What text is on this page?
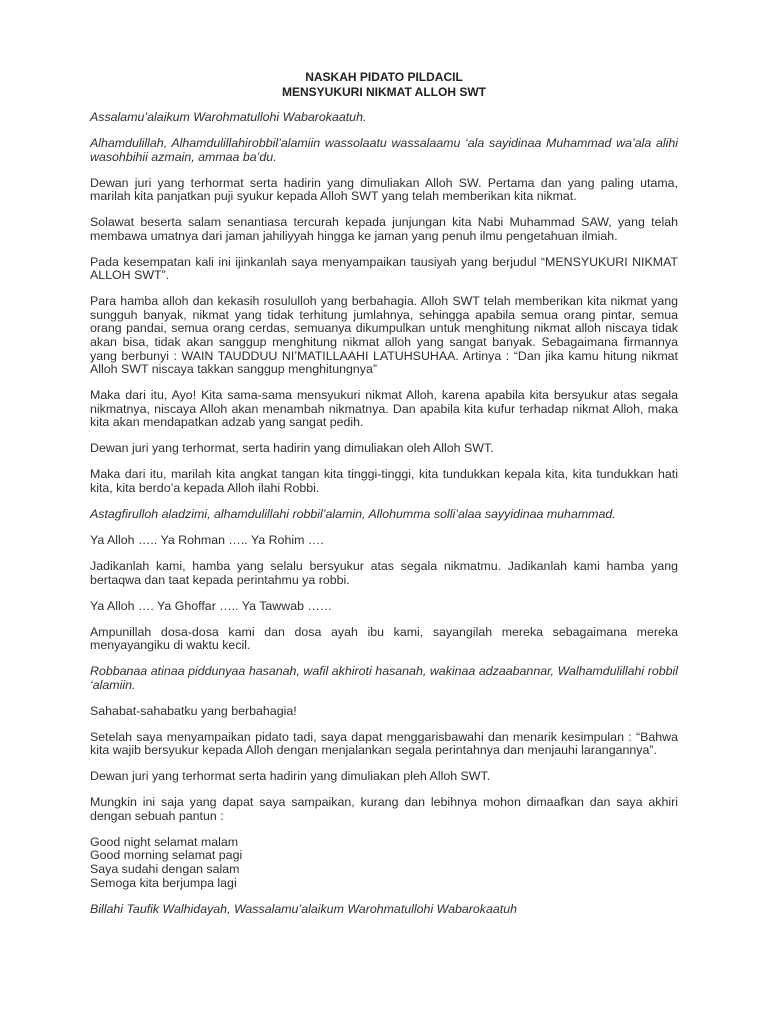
NASKAH PIDATO PILDACIL
MENSYUKURI NIKMAT ALLOH SWT

Assalamu’alaikum Warohmatullohi Wabarokaatuh.

Alhamdulillah, Alhamdulillahirobbil’alamiin wassolaatu wassalaamu ‘ala sayidinaa Muhammad wa’ala alihi wasohbihii azmain, ammaa ba’du.

Dewan juri yang terhormat serta hadirin yang dimuliakan Alloh SW. Pertama dan yang paling utama, marilah kita panjatkan puji syukur kepada Alloh SWT yang telah memberikan kita nikmat.

Solawat beserta salam senantiasa tercurah kepada junjungan kita Nabi Muhammad SAW, yang telah membawa umatnya dari jaman jahiliyyah hingga ke jaman yang penuh ilmu pengetahuan ilmiah.

Pada kesempatan kali ini ijinkanlah saya menyampaikan tausiyah yang berjudul “MENSYUKURI NIKMAT ALLOH SWT”.

Para hamba alloh dan kekasih rosululloh yang berbahagia. Alloh SWT telah memberikan kita nikmat yang sungguh banyak, nikmat yang tidak terhitung jumlahnya, sehingga apabila semua orang pintar, semua orang pandai, semua orang cerdas, semuanya dikumpulkan untuk menghitung nikmat alloh niscaya tidak akan bisa, tidak akan sanggup menghitung nikmat alloh yang sangat banyak. Sebagaimana firmannya yang berbunyi : WAIN TAUDDUU NI’MATILLAAHI LATUHSUHAA. Artinya : “Dan jika kamu hitung nikmat Alloh SWT niscaya takkan sanggup menghitungnya”

Maka dari itu, Ayo! Kita sama-sama mensyukuri nikmat Alloh, karena apabila kita bersyukur atas segala nikmatnya, niscaya Alloh akan menambah nikmatnya. Dan apabila kita kufur terhadap nikmat Alloh, maka kita akan mendapatkan adzab yang sangat pedih.

Dewan juri yang terhormat, serta hadirin yang dimuliakan oleh Alloh SWT.

Maka dari itu, marilah kita angkat tangan kita tinggi-tinggi, kita tundukkan kepala kita, kita tundukkan hati kita, kita berdo’a kepada Alloh ilahi Robbi.

Astagfirulloh aladzimi, alhamdulillahi robbil’alamin, Allohumma solli’alaa sayyidinaa muhammad.

Ya Alloh ….. Ya Rohman ….. Ya Rohim ….

Jadikanlah kami, hamba yang selalu bersyukur atas segala nikmatmu. Jadikanlah kami hamba yang bertaqwa dan taat kepada perintahmu ya robbi.

Ya Alloh …. Ya Ghoffar ….. Ya Tawwab ……

Ampunillah dosa-dosa kami dan dosa ayah ibu kami, sayangilah mereka sebagaimana mereka menyayangiku di waktu kecil.

Robbanaa atinaa piddunyaa hasanah, wafil akhiroti hasanah, wakinaa adzaabannar, Walhamdulillahi robbil ‘alamiin.

Sahabat-sahabatku yang berbahagia!

Setelah saya menyampaikan pidato tadi, saya dapat menggarisbawahi dan menarik kesimpulan : “Bahwa kita wajib bersyukur kepada Alloh dengan menjalankan segala perintahnya dan menjauhi larangannya”.

Dewan juri yang terhormat serta hadirin yang dimuliakan pleh Alloh SWT.

Mungkin ini saja yang dapat saya sampaikan, kurang dan lebihnya mohon dimaafkan dan saya akhiri dengan sebuah pantun :

Good night selamat malam
Good morning selamat pagi
Saya sudahi dengan salam
Semoga kita berjumpa lagi

Billahi Taufik Walhidayah, Wassalamu’alaikum Warohmatullohi Wabarokaatuh
